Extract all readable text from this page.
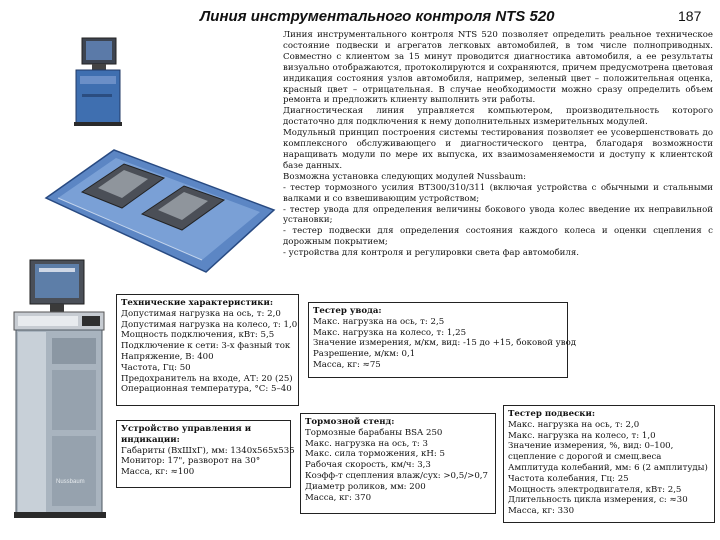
Линия инструментального контроля NTS 520	187
Nussbaum

Линия инструментального контроля NTS 520 позволяет определить реальное техническое состояние подвески и агрегатов легковых автомобилей, в том числе полноприводных. Совместно с клиентом за 15 минут проводится диагностика автомобиля, а ее результаты визуально отображаются, протоколируются и сохраняются, причем предусмотрена цветовая индикация состояния узлов автомобиля, например, зеленый цвет – положительная оценка, красный цвет – отрицательная. В случае необходимости можно сразу определить объем ремонта и предложить клиенту выполнить эти работы.

Диагностическая линия управляется компьютером, производительность которого достаточно для подключения к нему дополнительных измерительных модулей.

Модульный принцип построения системы тестирования позволяет ее усовершенствовать до комплексного обслуживающего и диагностического центра, благодаря возможности наращивать модули по мере их выпуска, их взаимозаменяемости и доступу к клиентской базе данных.

Возможна установка следующих модулей Nussbaum:

- тестер тормозного усилия BT300/310/311 (включая устройства с обычными и стальными валками и со взвешивающим устройством;

- тестер увода для определения величины бокового увода колес введение их неправильной установки;

- тестер подвески для определения состояния каждого колеса и оценки сцепления с дорожным покрытием;

- устройства для контроля и регулировки света фар автомобиля.

Технические характеристики:

Допустимая нагрузка на ось, т: 2,0

Допустимая нагрузка на колесо, т: 1,0

Мощность подключения, кВт: 5,5

Подключение к сети: 3-х фазный ток

Напряжение, В: 400

Частота, Гц: 50

Предохранитель на входе, АТ: 20 (25)

Операционная температура, °С: 5–40

Тестер увода:

Макс. нагрузка на ось, т: 2,5

Макс. нагрузка на колесо, т: 1,25

Значение измерения, м/км, вид: -15 до +15, боковой увод

Разрешение, м/км: 0,1

Масса, кг: ≈75

Устройство управления и индикации:

Габариты (ВхШхГ), мм: 1340х565х535

Монитор: 17", разворот на 30°

Масса, кг: ≈100

Тормозной стенд:

Тормозные барабаны BSA 250

Макс. нагрузка на ось, т: 3

Макс. сила торможения, кН: 5

Рабочая скорость, км/ч: 3,3

Коэфф-т сцепления влаж/сух: >0,5/>0,7

Диаметр роликов, мм: 200

Масса, кг: 370

Тестер подвески:

Макс. нагрузка на ось, т: 2,0

Макс. нагрузка на колесо, т: 1,0

Значение измерения, %, вид: 0–100, сцепление с дорогой и смещ.веса

Амплитуда колебаний, мм: 6 (2 амплитуды)

Частота колебания, Гц: 25

Мощность электродвигателя, кВт: 2,5

Длительность цикла измерения, с: ≈30

Масса, кг: 330
